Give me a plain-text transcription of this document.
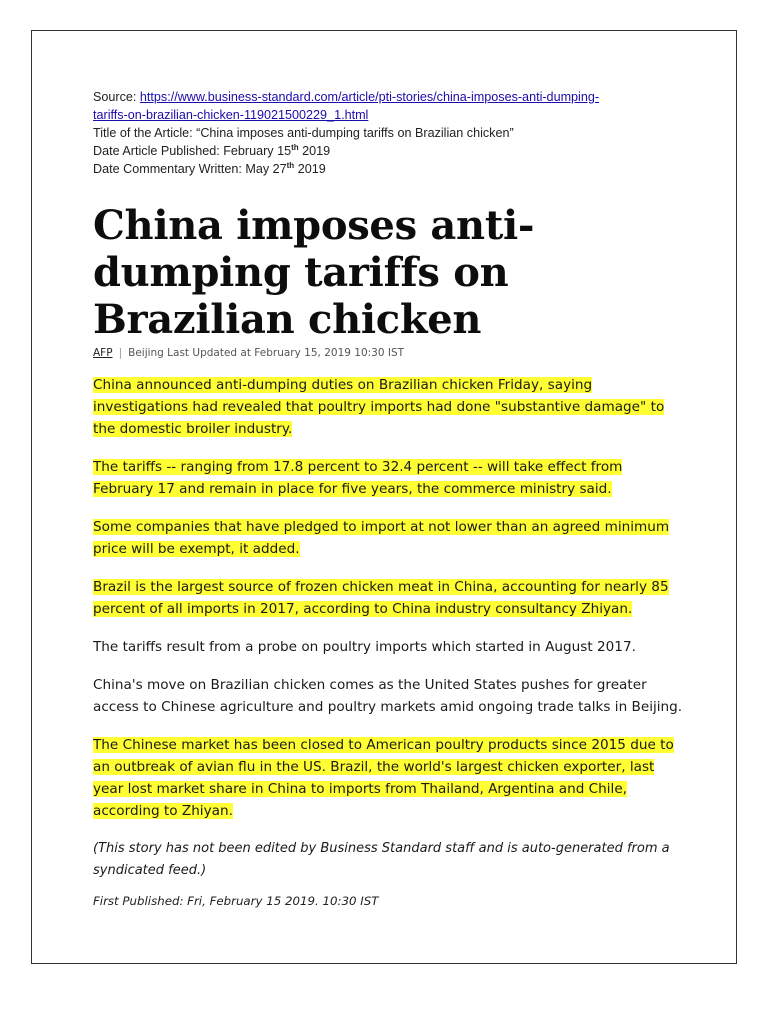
Source: https://www.business-standard.com/article/pti-stories/china-imposes-anti-dumping-
tariffs-on-brazilian-chicken-119021500229_1.html
Title of the Article: “China imposes anti-dumping tariffs on Brazilian chicken”
Date Article Published: February 15th 2019
Date Commentary Written: May 27th 2019
China imposes anti-dumping tariffs on Brazilian chicken
AFP | Beijing Last Updated at February 15, 2019 10:30 IST

China announced anti-dumping duties on Brazilian chicken Friday, saying investigations had revealed that poultry imports had done "substantive damage" to the domestic broiler industry.

The tariffs -- ranging from 17.8 percent to 32.4 percent -- will take effect from February 17 and remain in place for five years, the commerce ministry said.

Some companies that have pledged to import at not lower than an agreed minimum price will be exempt, it added.

Brazil is the largest source of frozen chicken meat in China, accounting for nearly 85 percent of all imports in 2017, according to China industry consultancy Zhiyan.

The tariffs result from a probe on poultry imports which started in August 2017.

China's move on Brazilian chicken comes as the United States pushes for greater access to Chinese agriculture and poultry markets amid ongoing trade talks in Beijing.

The Chinese market has been closed to American poultry products since 2015 due to an outbreak of avian flu in the US. Brazil, the world's largest chicken exporter, last year lost market share in China to imports from Thailand, Argentina and Chile, according to Zhiyan.

(This story has not been edited by Business Standard staff and is auto-generated from a syndicated feed.)

First Published: Fri, February 15 2019. 10:30 IST
